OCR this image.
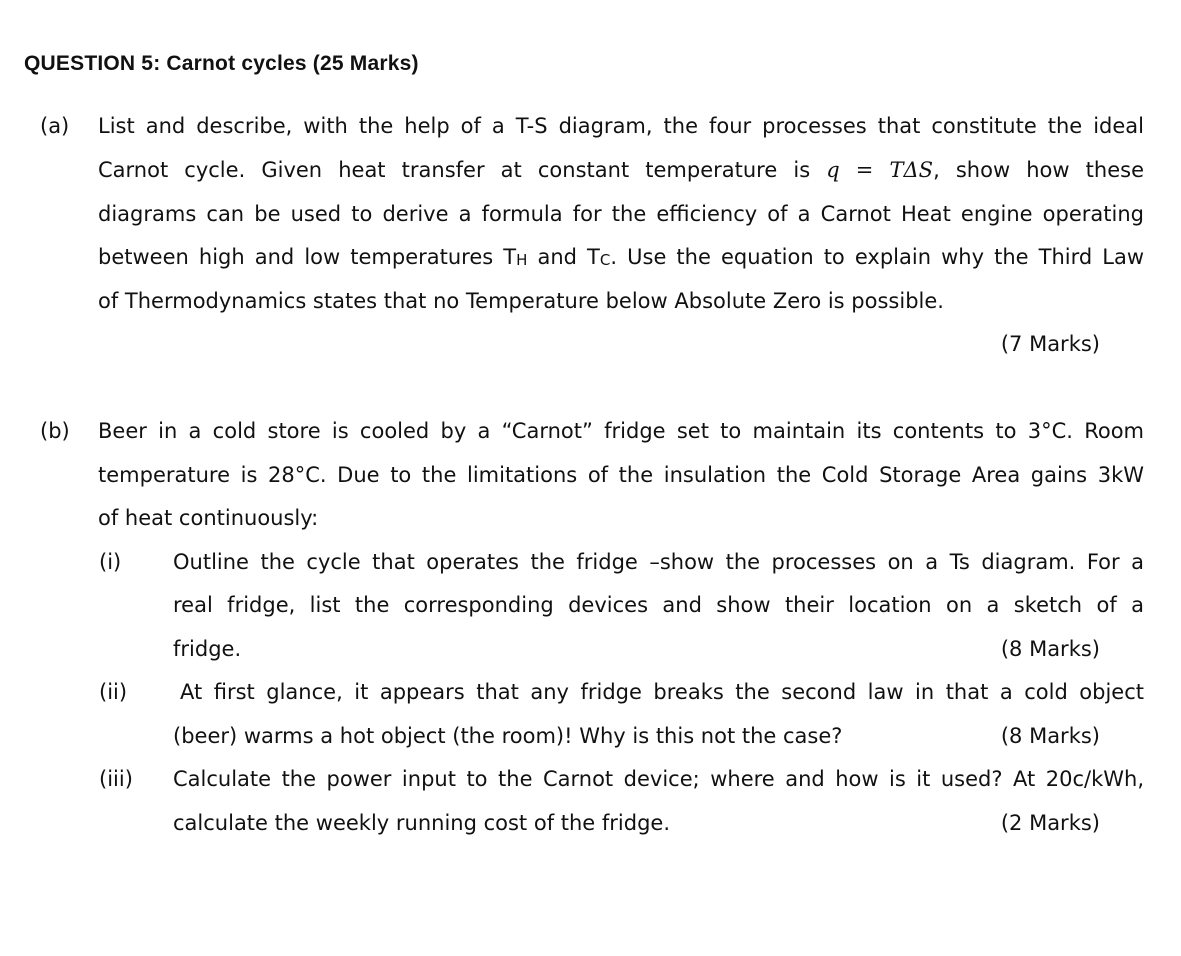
QUESTION 5: Carnot cycles (25 Marks)
(a) List and describe, with the help of a T-S diagram, the four processes that constitute the ideal
Carnot cycle. Given heat transfer at constant temperature is q = TΔS, show how these
diagrams can be used to derive a formula for the efficiency of a Carnot Heat engine operating
between high and low temperatures TH and TC. Use the equation to explain why the Third Law
of Thermodynamics states that no Temperature below Absolute Zero is possible.
(7 Marks)
(b) Beer in a cold store is cooled by a “Carnot” fridge set to maintain its contents to 3°C. Room
temperature is 28°C. Due to the limitations of the insulation the Cold Storage Area gains 3kW
of heat continuously:
(i) Outline the cycle that operates the fridge –show the processes on a Ts diagram. For a
real fridge, list the corresponding devices and show their location on a sketch of a
fridge.	(8 Marks)
(ii)	At first glance, it appears that any fridge breaks the second law in that a cold object
(beer) warms a hot object (the room)! Why is this not the case?	(8 Marks)
(iii) Calculate the power input to the Carnot device; where and how is it used? At 20c/kWh,
calculate the weekly running cost of the fridge.	(2 Marks)
